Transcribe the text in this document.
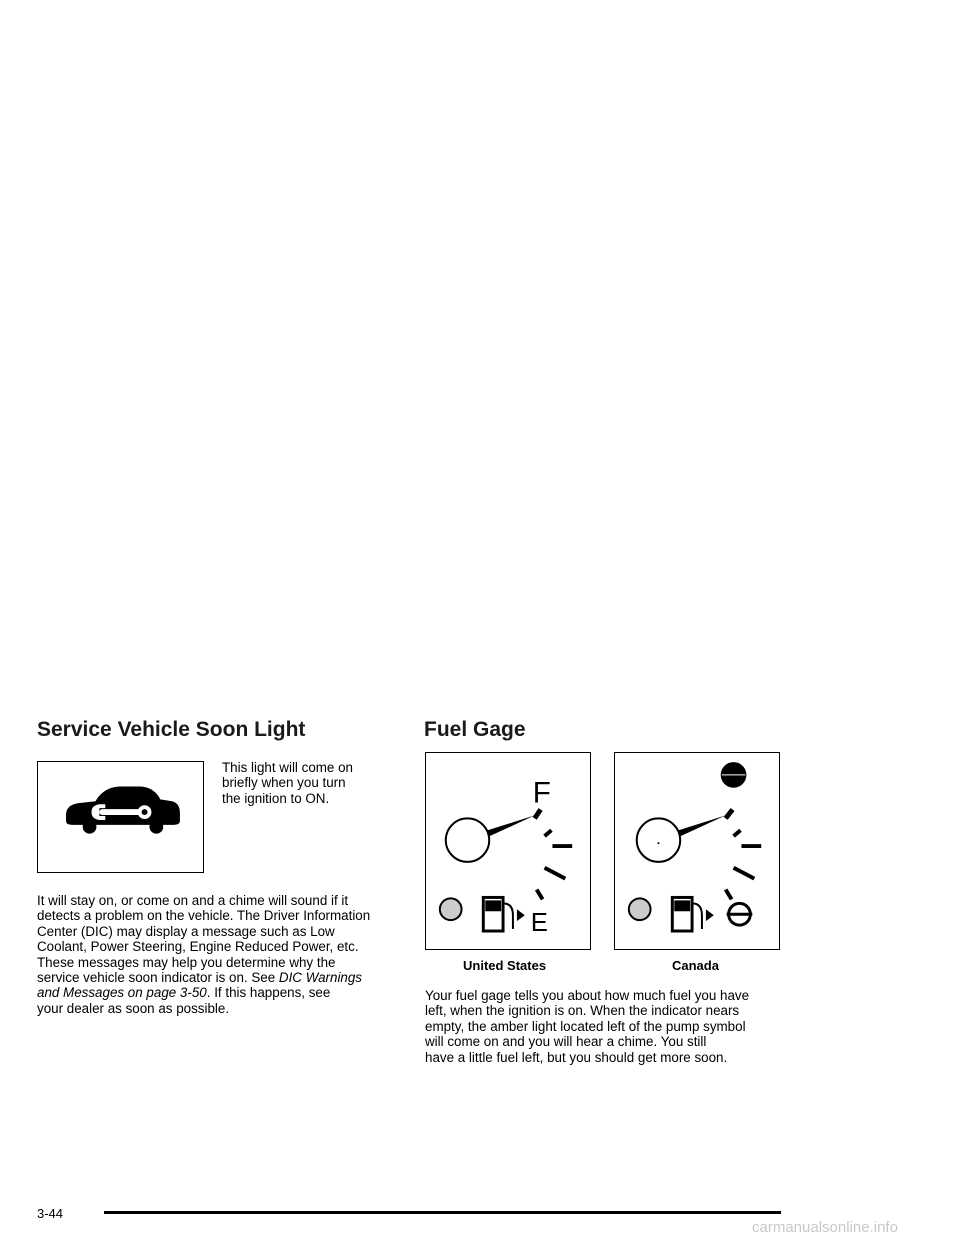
Service Vehicle Soon Light
This light will come on
briefly when you turn
the ignition to ON.
It will stay on, or come on and a chime will sound if it
detects a problem on the vehicle. The Driver Information
Center (DIC) may display a message such as Low
Coolant, Power Steering, Engine Reduced Power, etc.
These messages may help you determine why the
service vehicle soon indicator is on. See DIC Warnings
and Messages on page 3-50. If this happens, see
your dealer as soon as possible.
Fuel Gage
F
E
United States	Canada
Your fuel gage tells you about how much fuel you have
left, when the ignition is on. When the indicator nears
empty, the amber light located left of the pump symbol
will come on and you will hear a chime. You still
have a little fuel left, but you should get more soon.
3-44
carmanualsonline.info
